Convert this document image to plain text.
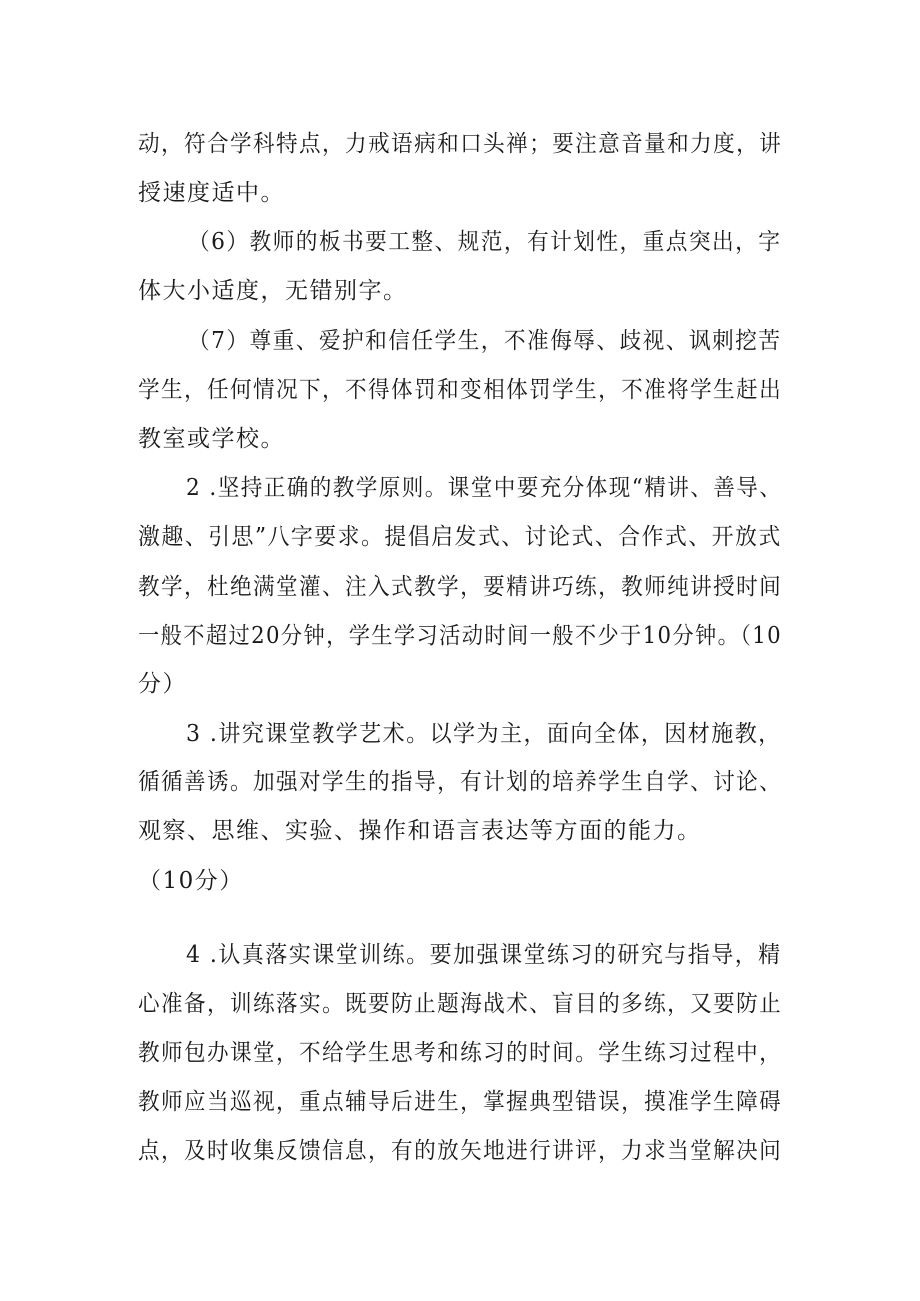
动，符合学科特点，力戒语病和口头禅；要注意音量和力度，讲
授速度适中。
（6）教师的板书要工整、规范，有计划性，重点突出，字
体大小适度，无错别字。
（7）尊重、爱护和信任学生，不准侮辱、歧视、讽刺挖苦
学生，任何情况下，不得体罚和变相体罚学生，不准将学生赶出
教室或学校。
2 .坚持正确的教学原则。课堂中要充分体现“精讲、善导、
激趣、引思”八字要求。提倡启发式、讨论式、合作式、开放式
教学，杜绝满堂灌、注入式教学，要精讲巧练，教师纯讲授时间
一般不超过20分钟，学生学习活动时间一般不少于10分钟。（10
分）
3 .讲究课堂教学艺术。以学为主，面向全体，因材施教，
循循善诱。加强对学生的指导，有计划的培养学生自学、讨论、
观察、思维、实验、操作和语言表达等方面的能力。
（10分）
4 .认真落实课堂训练。要加强课堂练习的研究与指导，精
心准备，训练落实。既要防止题海战术、盲目的多练，又要防止
教师包办课堂，不给学生思考和练习的时间。学生练习过程中，
教师应当巡视，重点辅导后进生，掌握典型错误，摸准学生障碍
点，及时收集反馈信息，有的放矢地进行讲评，力求当堂解决问
